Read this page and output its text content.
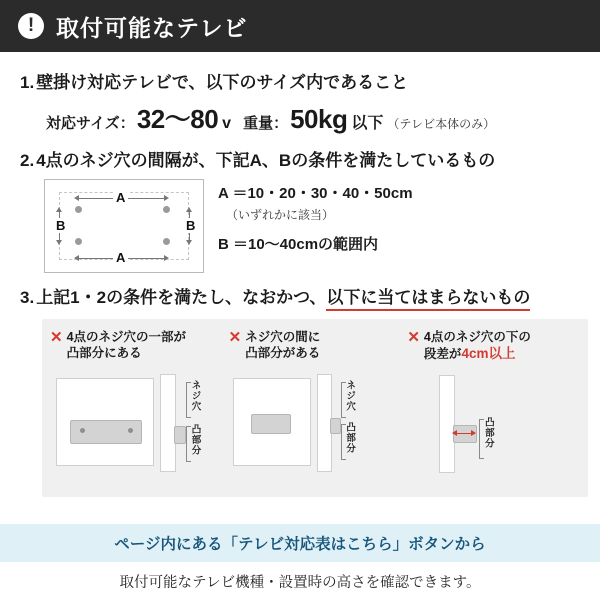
! 取付可能なテレビ
1. 壁掛け対応テレビで、以下のサイズ内であること
対応サイズ： 32〜80 v 重量： 50kg 以下 （テレビ本体のみ）
2. 4点のネジ穴の間隔が、下記A、Bの条件を満たしているもの
A
A
B	B
A ＝10・20・30・40・50cm
（いずれかに該当）
B ＝10〜40cmの範囲内
3. 上記1・2の条件を満たし、なおかつ、 以下に当てはまらないもの
✕ 4点のネジ穴の一部が
凸部分にある
ネジ穴
凸部分
✕ ネジ穴の間に
凸部分がある
ネジ穴
凸部分
✕ 4点のネジ穴の下の
段差が4cm以上
凸部分
ページ内にある「テレビ対応表はこちら」ボタンから
取付可能なテレビ機種・設置時の高さを確認できます。
